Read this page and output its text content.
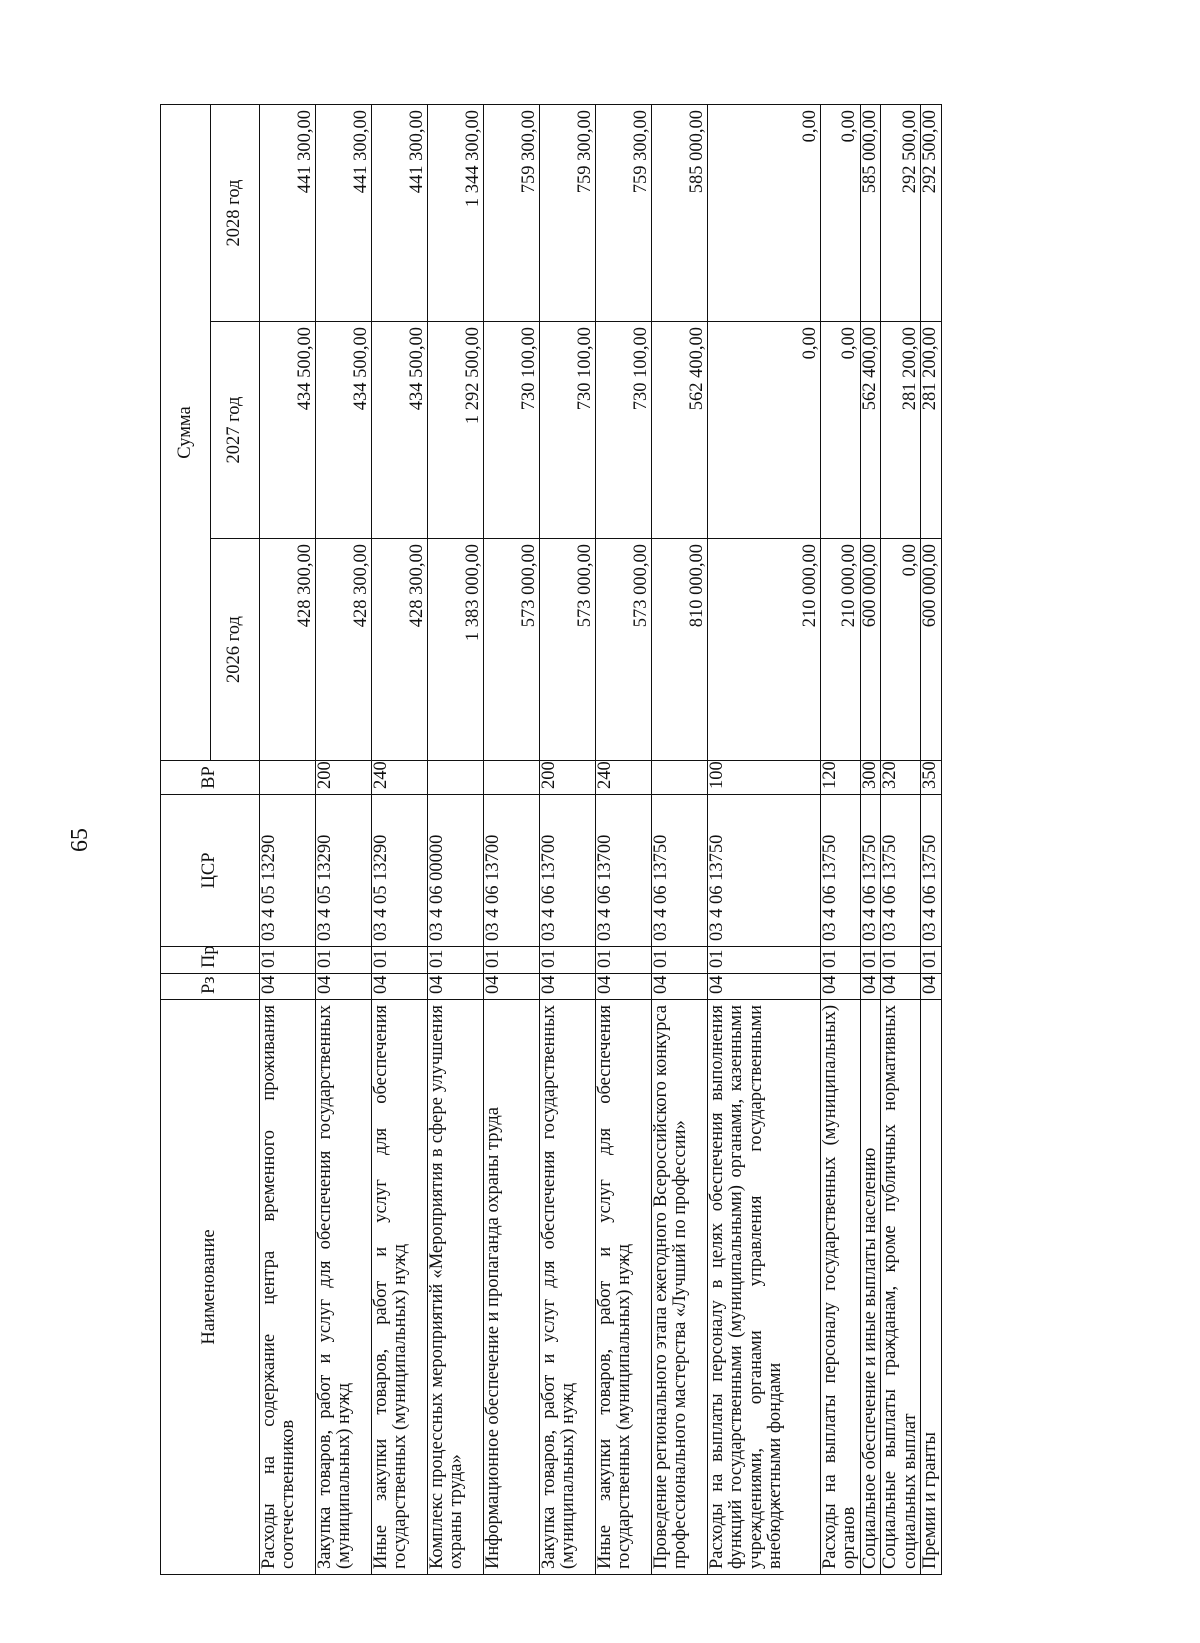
65
Наименование	Рз	Пр	ЦСР	ВР	Сумма		
					2026 год	2027 год	2028 год
Расходы на содержание центра временного проживания соотечественников	04	01	03 4 05 13290		428 300,00	434 500,00	441 300,00
Закупка товаров, работ и услуг для обеспечения государственных (муниципальных) нужд	04	01	03 4 05 13290	200	428 300,00	434 500,00	441 300,00
Иные закупки товаров, работ и услуг для обеспечения государственных (муниципальных) нужд	04	01	03 4 05 13290	240	428 300,00	434 500,00	441 300,00
Комплекс процессных мероприятий «Мероприятия в сфере улучшения охраны труда»	04	01	03 4 06 00000		1 383 000,00	1 292 500,00	1 344 300,00
Информационное обеспечение и пропаганда охраны труда	04	01	03 4 06 13700		573 000,00	730 100,00	759 300,00
Закупка товаров, работ и услуг для обеспечения государственных (муниципальных) нужд	04	01	03 4 06 13700	200	573 000,00	730 100,00	759 300,00
Иные закупки товаров, работ и услуг для обеспечения государственных (муниципальных) нужд	04	01	03 4 06 13700	240	573 000,00	730 100,00	759 300,00
Проведение регионального этапа ежегодного Всероссийского конкурса профессионального мастерства «Лучший по профессии»	04	01	03 4 06 13750		810 000,00	562 400,00	585 000,00
Расходы на выплаты персоналу в целях обеспечения выполнения функций государственными (муниципальными) органами, казенными учреждениями, органами управления государственными внебюджетными фондами	04	01	03 4 06 13750	100	210 000,00	0,00	0,00
Расходы на выплаты персоналу государственных (муниципальных) органов	04	01	03 4 06 13750	120	210 000,00	0,00	0,00
Социальное обеспечение и иные выплаты населению	04	01	03 4 06 13750	300	600 000,00	562 400,00	585 000,00
Социальные выплаты гражданам, кроме публичных нормативных социальных выплат	04	01	03 4 06 13750	320	0,00	281 200,00	292 500,00
Премии и гранты	04	01	03 4 06 13750	350	600 000,00	281 200,00	292 500,00
